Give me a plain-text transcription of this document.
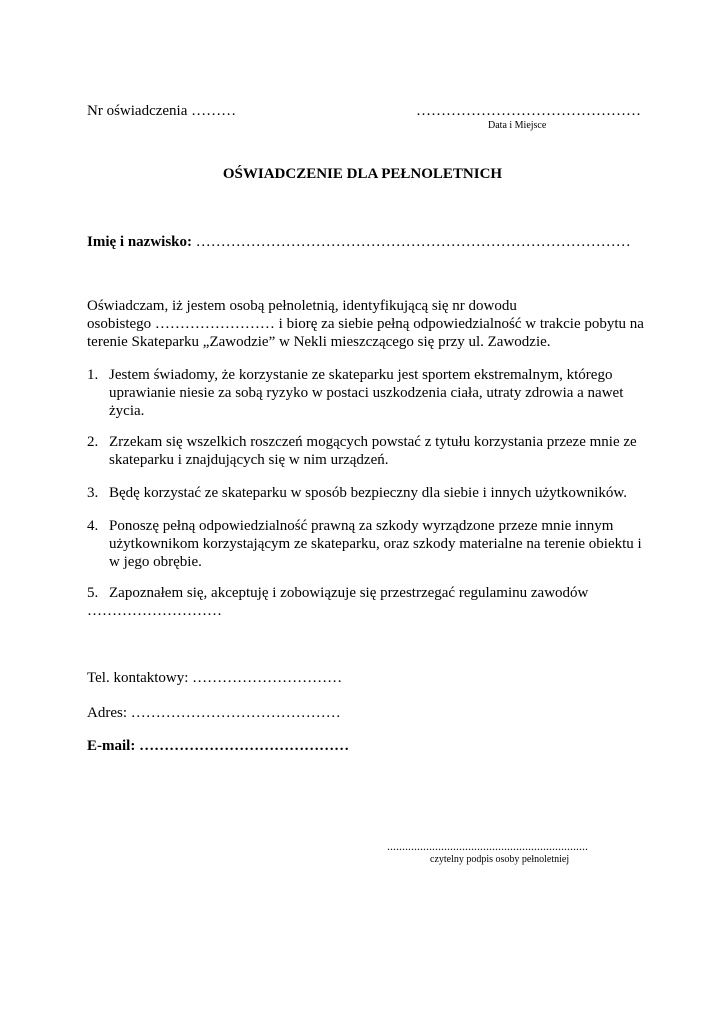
Nr oświadczenia ………	………………………………………
Data i Miejsce
OŚWIADCZENIE DLA PEŁNOLETNICH
Imię i nazwisko: ……………………………………………………………………………
Oświadczam, iż jestem osobą pełnoletnią, identyfikującą się nr dowodu
osobistego …………………… i biorę za siebie pełną odpowiedzialność w trakcie pobytu na
terenie Skateparku „Zawodzie” w Nekli mieszczącego się przy ul. Zawodzie.
1. Jestem świadomy, że korzystanie ze skateparku jest sportem ekstremalnym, którego
uprawianie niesie za sobą ryzyko w postaci uszkodzenia ciała, utraty zdrowia a nawet
życia.
2. Zrzekam się wszelkich roszczeń mogących powstać z tytułu korzystania przeze mnie ze
skateparku i znajdujących się w nim urządzeń.
3. Będę korzystać ze skateparku w sposób bezpieczny dla siebie i innych użytkowników.
4. Ponoszę pełną odpowiedzialność prawną za szkody wyrządzone przeze mnie innym
użytkownikom korzystającym ze skateparku, oraz szkody materialne na terenie obiektu i
w jego obrębie.
5. Zapoznałem się, akceptuję i zobowiązuje się przestrzegać regulaminu zawodów
………………………
Tel. kontaktowy: …………………………
Adres: ……………………………………
E-mail: ……………………………………
...................................................................
czytelny podpis osoby pełnoletniej
